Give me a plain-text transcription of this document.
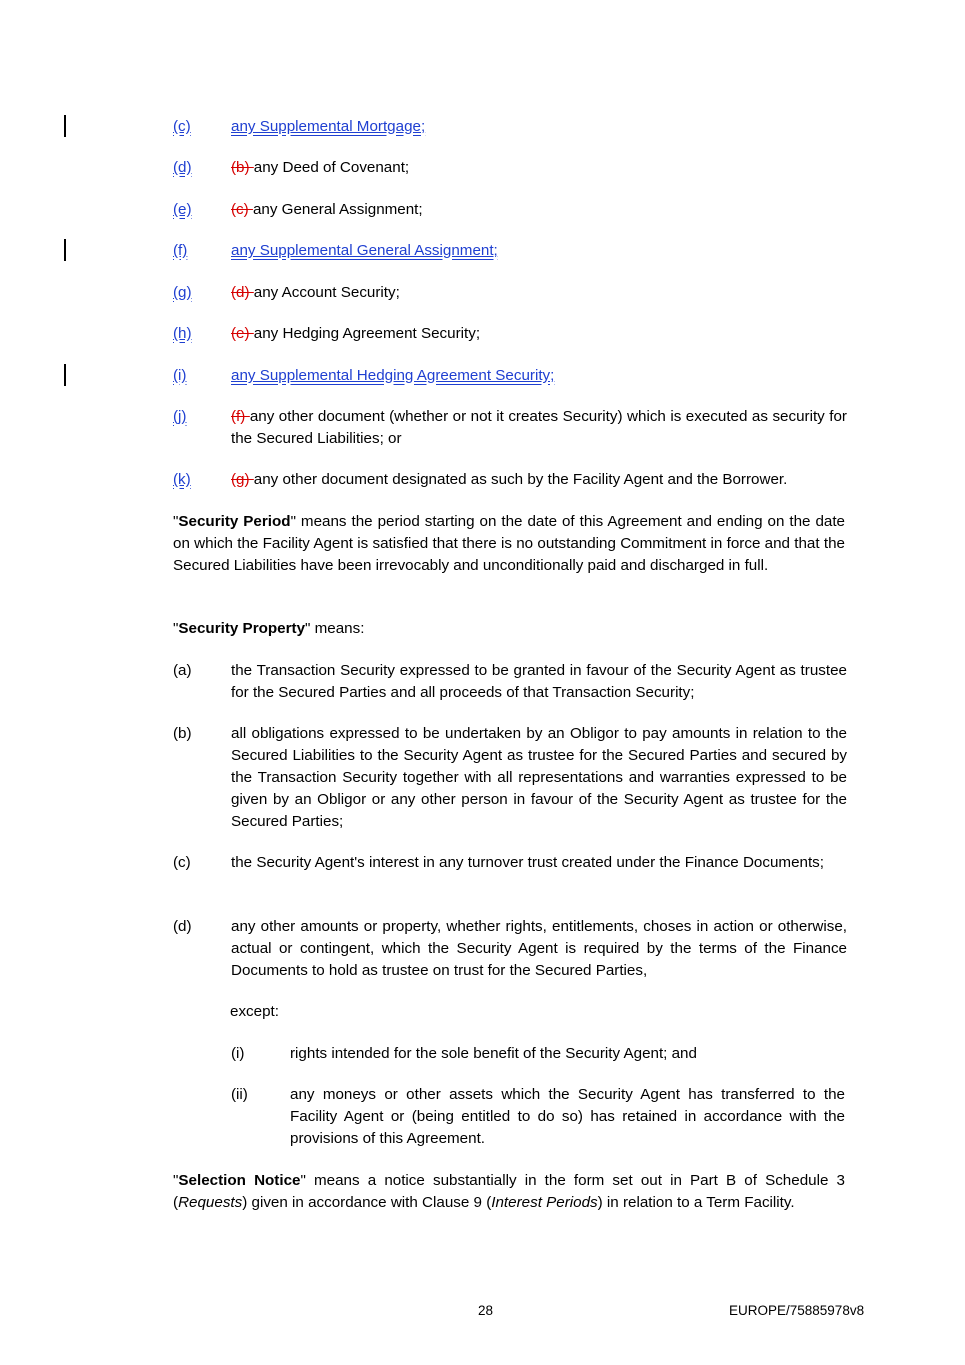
(c)	any Supplemental Mortgage;
(d)	(b) any Deed of Covenant;
(e)	(c) any General Assignment;
(f)	any Supplemental General Assignment;
(g)	(d) any Account Security;
(h)	(e) any Hedging Agreement Security;
(i)	any Supplemental Hedging Agreement Security;
(j)	(f) any other document (whether or not it creates Security) which is executed as security for the Secured Liabilities; or
(k)	(g) any other document designated as such by the Facility Agent and the Borrower.
"Security Period" means the period starting on the date of this Agreement and ending on the date on which the Facility Agent is satisfied that there is no outstanding Commitment in force and that the Secured Liabilities have been irrevocably and unconditionally paid and discharged in full.
"Security Property" means:
(a)	the Transaction Security expressed to be granted in favour of the Security Agent as trustee for the Secured Parties and all proceeds of that Transaction Security;
(b)	all obligations expressed to be undertaken by an Obligor to pay amounts in relation to the Secured Liabilities to the Security Agent as trustee for the Secured Parties and secured by the Transaction Security together with all representations and warranties expressed to be given by an Obligor or any other person in favour of the Security Agent as trustee for the Secured Parties;
(c)	the Security Agent's interest in any turnover trust created under the Finance Documents;
(d)	any other amounts or property, whether rights, entitlements, choses in action or otherwise, actual or contingent, which the Security Agent is required by the terms of the Finance Documents to hold as trustee on trust for the Secured Parties,
except:
(i)	rights intended for the sole benefit of the Security Agent; and
(ii)	any moneys or other assets which the Security Agent has transferred to the Facility Agent or (being entitled to do so) has retained in accordance with the provisions of this Agreement.
"Selection Notice" means a notice substantially in the form set out in Part B of Schedule 3 (Requests) given in accordance with Clause 9 (Interest Periods) in relation to a Term Facility.
28	EUROPE/75885978v8
